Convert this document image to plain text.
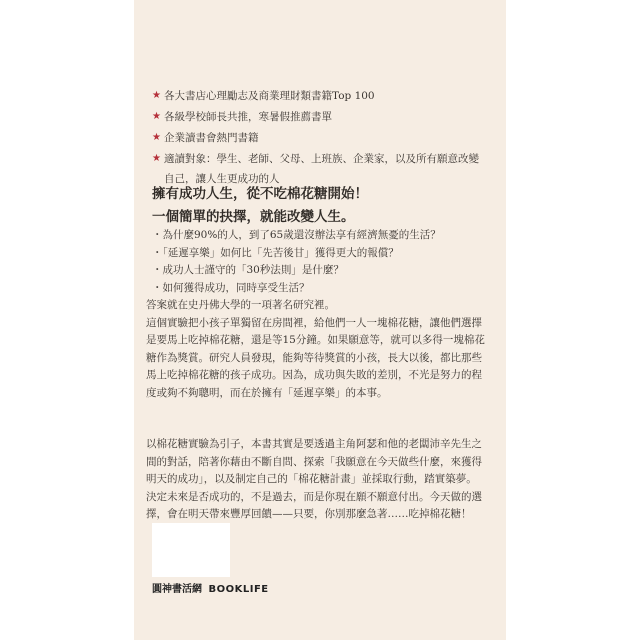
★ 各大書店心理勵志及商業理財類書籍Top 100
★ 各級學校師長共推，寒暑假推薦書單
★ 企業讀書會熱門書籍
★ 適讀對象：學生、老師、父母、上班族、企業家，以及所有願意改變
自己，讓人生更成功的人
擁有成功人生，從不吃棉花糖開始！
一個簡單的抉擇，就能改變人生。
・為什麼90%的人，到了65歲還沒辦法享有經濟無憂的生活？
・「延遲享樂」如何比「先苦後甘」獲得更大的報償？
・成功人士謹守的「30秒法則」是什麼？
・如何獲得成功，同時享受生活？
答案就在史丹佛大學的一項著名研究裡。
這個實驗把小孩子單獨留在房間裡，給他們一人一塊棉花糖，讓他們選擇
是要馬上吃掉棉花糖，還是等15分鐘。如果願意等，就可以多得一塊棉花
糖作為獎賞。研究人員發現，能夠等待獎賞的小孩，長大以後，都比那些
馬上吃掉棉花糖的孩子成功。因為，成功與失敗的差別，不光是努力的程
度或夠不夠聰明，而在於擁有「延遲享樂」的本事。
以棉花糖實驗為引子，本書其實是要透過主角阿瑟和他的老闆沛辛先生之
間的對話，陪著你藉由不斷自問、探索「我願意在今天做些什麼，來獲得
明天的成功」，以及制定自己的「棉花糖計畫」並採取行動，踏實築夢。
決定未來是否成功的，不是過去，而是你現在願不願意付出。今天做的選
擇，會在明天帶來豐厚回饋——只要，你別那麼急著……吃掉棉花糖！
圓神書活網 BOOKLIFE
